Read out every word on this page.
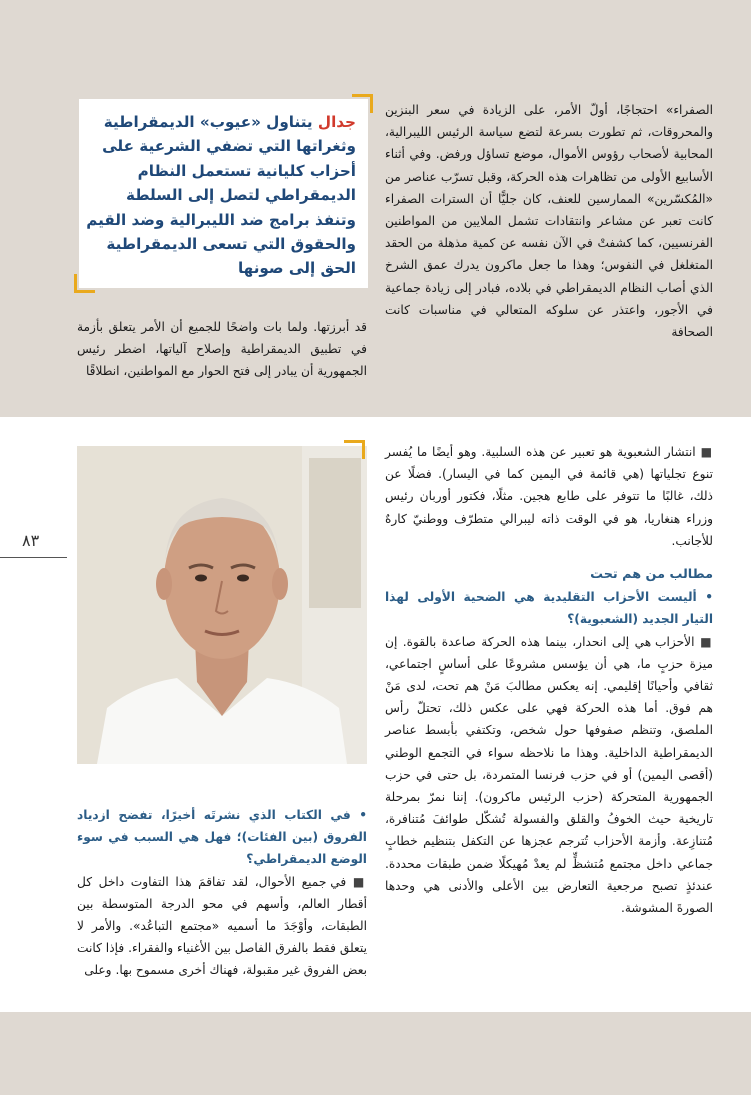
الصفراء» احتجاجًا، أولّ الأمر، على الزيادة في سعر البنزين والمحروقات، ثم تطورت بسرعة لتضع سياسة الرئيس الليبرالية، المحابية لأصحاب رؤوس الأموال، موضع تساؤل ورفض. وفي أثناء الأسابيع الأولى من تظاهرات هذه الحركة، وقبل تسرّب عناصر من «المُكسّرين» الممارسين للعنف، كان جليًّا أن السترات الصفراء كانت تعبر عن مشاعر وانتقادات تشمل الملايين من المواطنين الفرنسيين، كما كشفتْ في الآن نفسه عن كمية مذهلة من الحقد المتغلغل في النفوس؛ وهذا ما جعل ماكرون يدرك عمق الشرخ الذي أصاب النظام الديمقراطي في بلاده، فبادر إلى زيادة جماعية في الأجور، واعتذر عن سلوكه المتعالي في مناسبات كانت الصحافة

جدال يتناول «عيوب» الديمقراطية وثغراتها التي تضفي الشرعية على أحزاب كليانية تستعمل النظام الديمقراطي لتصل إلى السلطة وتنفذ برامج ضد الليبرالية وضد القيم والحقوق التي تسعى الديمقراطية الحق إلى صونها

قد أبرزتها. ولما بات واضحًا للجميع أن الأمر يتعلق بأزمة في تطبيق الديمقراطية وإصلاح آلياتها، اضطر رئيس الجمهورية أن يبادر إلى فتح الحوار مع المواطنين، انطلاقًا

٨٣

■ انتشار الشعبوية هو تعبير عن هذه السلبية. وهو أيضًا ما يُفسر تنوع تجلياتها (هي قائمة في اليمين كما في اليسار). فضلًا عن ذلك، غالبًا ما تتوفر على طابع هجين. مثلًا، فكتور أوربان رئيس وزراء هنغاريا، هو في الوقت ذاته ليبرالي متطرّف ووطنيّ كارهٌ للأجانب.

مطالب من هم تحت

• أليست الأحزاب التقليدية هي الضحية الأولى لهذا التيار الجديد (الشعبوية)؟

■ الأحزاب هي إلى انحدار، بينما هذه الحركة صاعدة بالقوة. إن ميزة حزبٍ ما، هي أن يؤسس مشروعًا على أساسٍ اجتماعي، ثقافي وأحيانًا إقليمي. إنه يعكس مطالبَ مَنْ هم تحت، لدى مَنْ هم فوق. أما هذه الحركة فهي على عكس ذلك، تحتلّ رأس الملصق، وتنظم صفوفها حول شخص، وتكتفي بأبسط عناصر الديمقراطية الداخلية. وهذا ما نلاحظه سواء في التجمع الوطني (أقصى اليمين) أو في حزب فرنسا المتمردة، بل حتى في حزب الجمهورية المتحركة (حزب الرئيس ماكرون). إننا نمرّ بمرحلة تاريخية حيث الخوفُ والقلق والفسولة تُشكّل طوائفَ مُتنافرة، مُتنازِعة. وأزمة الأحزاب تُترجم عجزها عن التكفل بتنظيم خطابٍ جماعي داخل مجتمع مُتشظٍّ لم يعدْ مُهيكلًا ضمن طبقات محددة. عندئذٍ تصبح مرجعية التعارض بين الأعلى والأدنى هي وحدها الصورةَ المشوشة.

• في الكتاب الذي نشرتَه أخيرًا، تفضح ازدياد الفروق (بين الفئات)؛ فهل هي السبب في سوء الوضع الديمقراطي؟

■ في جميع الأحوال، لقد تفاقمَ هذا التفاوت داخل كل أقطار العالم، وأسهم في محو الدرجة المتوسطة بين الطبقات، وأوْجَدَ ما أسميه «مجتمع التباعُد». والأمر لا يتعلق فقط بالفرق الفاصل بين الأغنياء والفقراء. فإذا كانت بعض الفروق غير مقبولة، فهناك أخرى مسموح بها. وعلى
